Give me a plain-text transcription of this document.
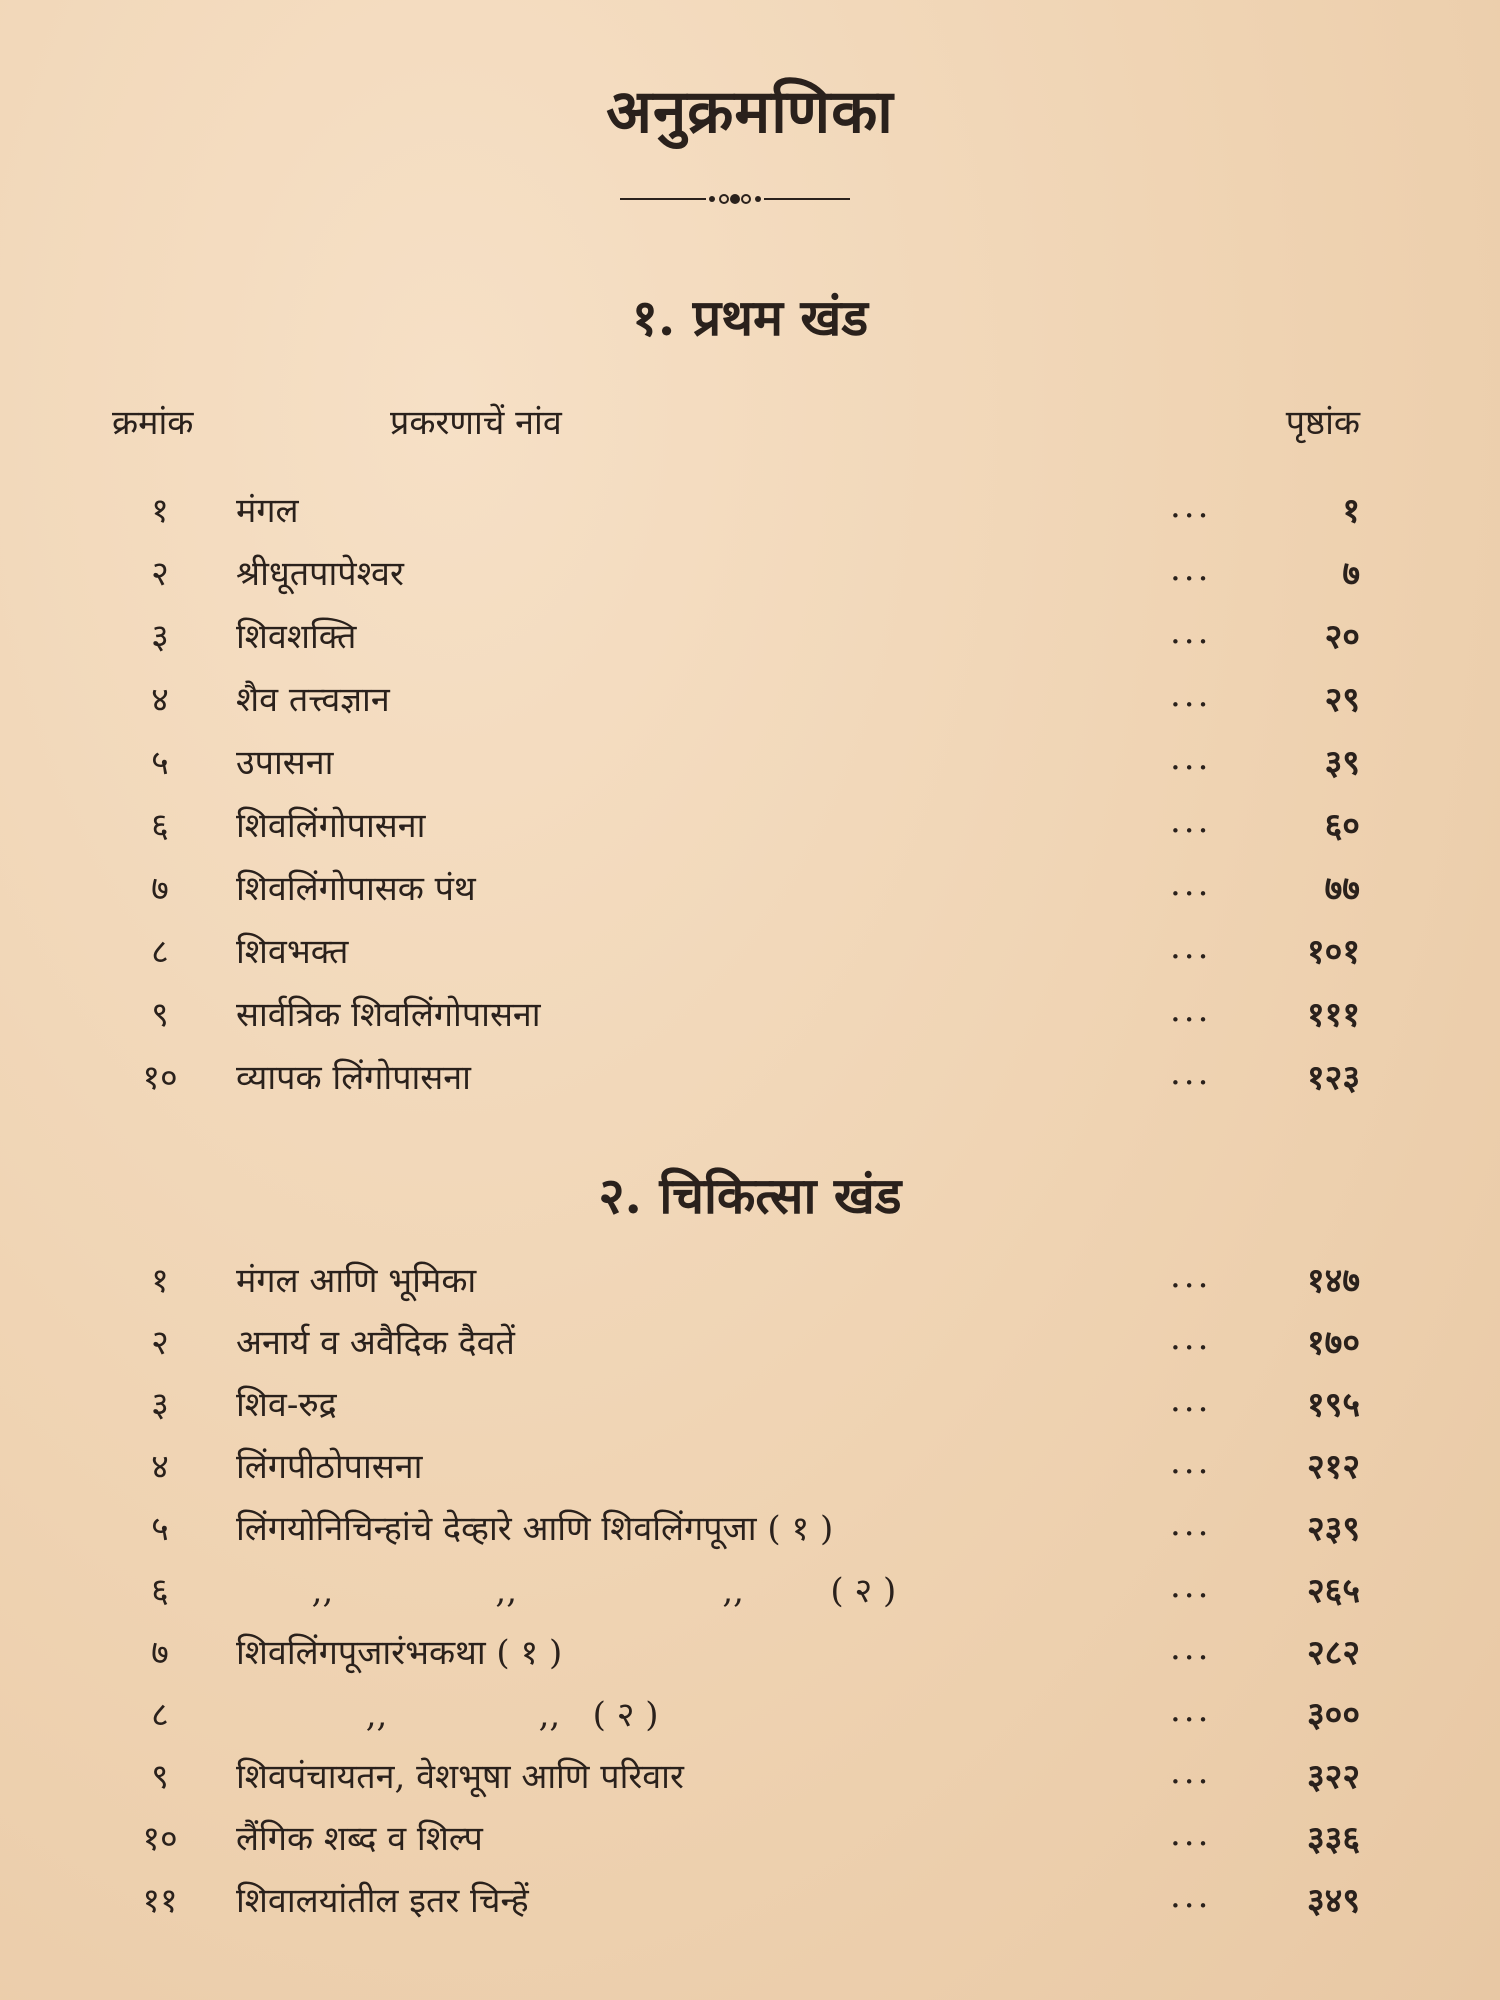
अनुक्रमणिका
१. प्रथम खंड
क्रमांक	प्रकरणाचें नांव	पृष्ठांक
१	मंगल	...	१
२	श्रीधूतपापेश्वर	...	७
३	शिवशक्ति	...	२०
४	शैव तत्त्वज्ञान	...	२९
५	उपासना	...	३९
६	शिवलिंगोपासना	...	६०
७	शिवलिंगोपासक पंथ	...	७७
८	शिवभक्त	...	१०१
९	सार्वत्रिक शिवलिंगोपासना	...	१११
१०	व्यापक लिंगोपासना	...	१२३
२. चिकित्सा खंड
१	मंगल आणि भूमिका	...	१४७
२	अनार्य व अवैदिक दैवतें	...	१७०
३	शिव-रुद्र	...	१९५
४	लिंगपीठोपासना	...	२१२
५	लिंगयोनिचिन्हांचे देव्हारे आणि शिवलिंगपूजा ( १ )	...	२३९
६	,,               ,,                   ,,        ( २ )	...	२६५
७	शिवलिंगपूजारंभकथा ( १ )	...	२८२
८	,,              ,,   ( २ )	...	३००
९	शिवपंचायतन, वेशभूषा आणि परिवार	...	३२२
१०	लैंगिक शब्द व शिल्प	...	३३६
११	शिवालयांतील इतर चिन्हें	...	३४९
